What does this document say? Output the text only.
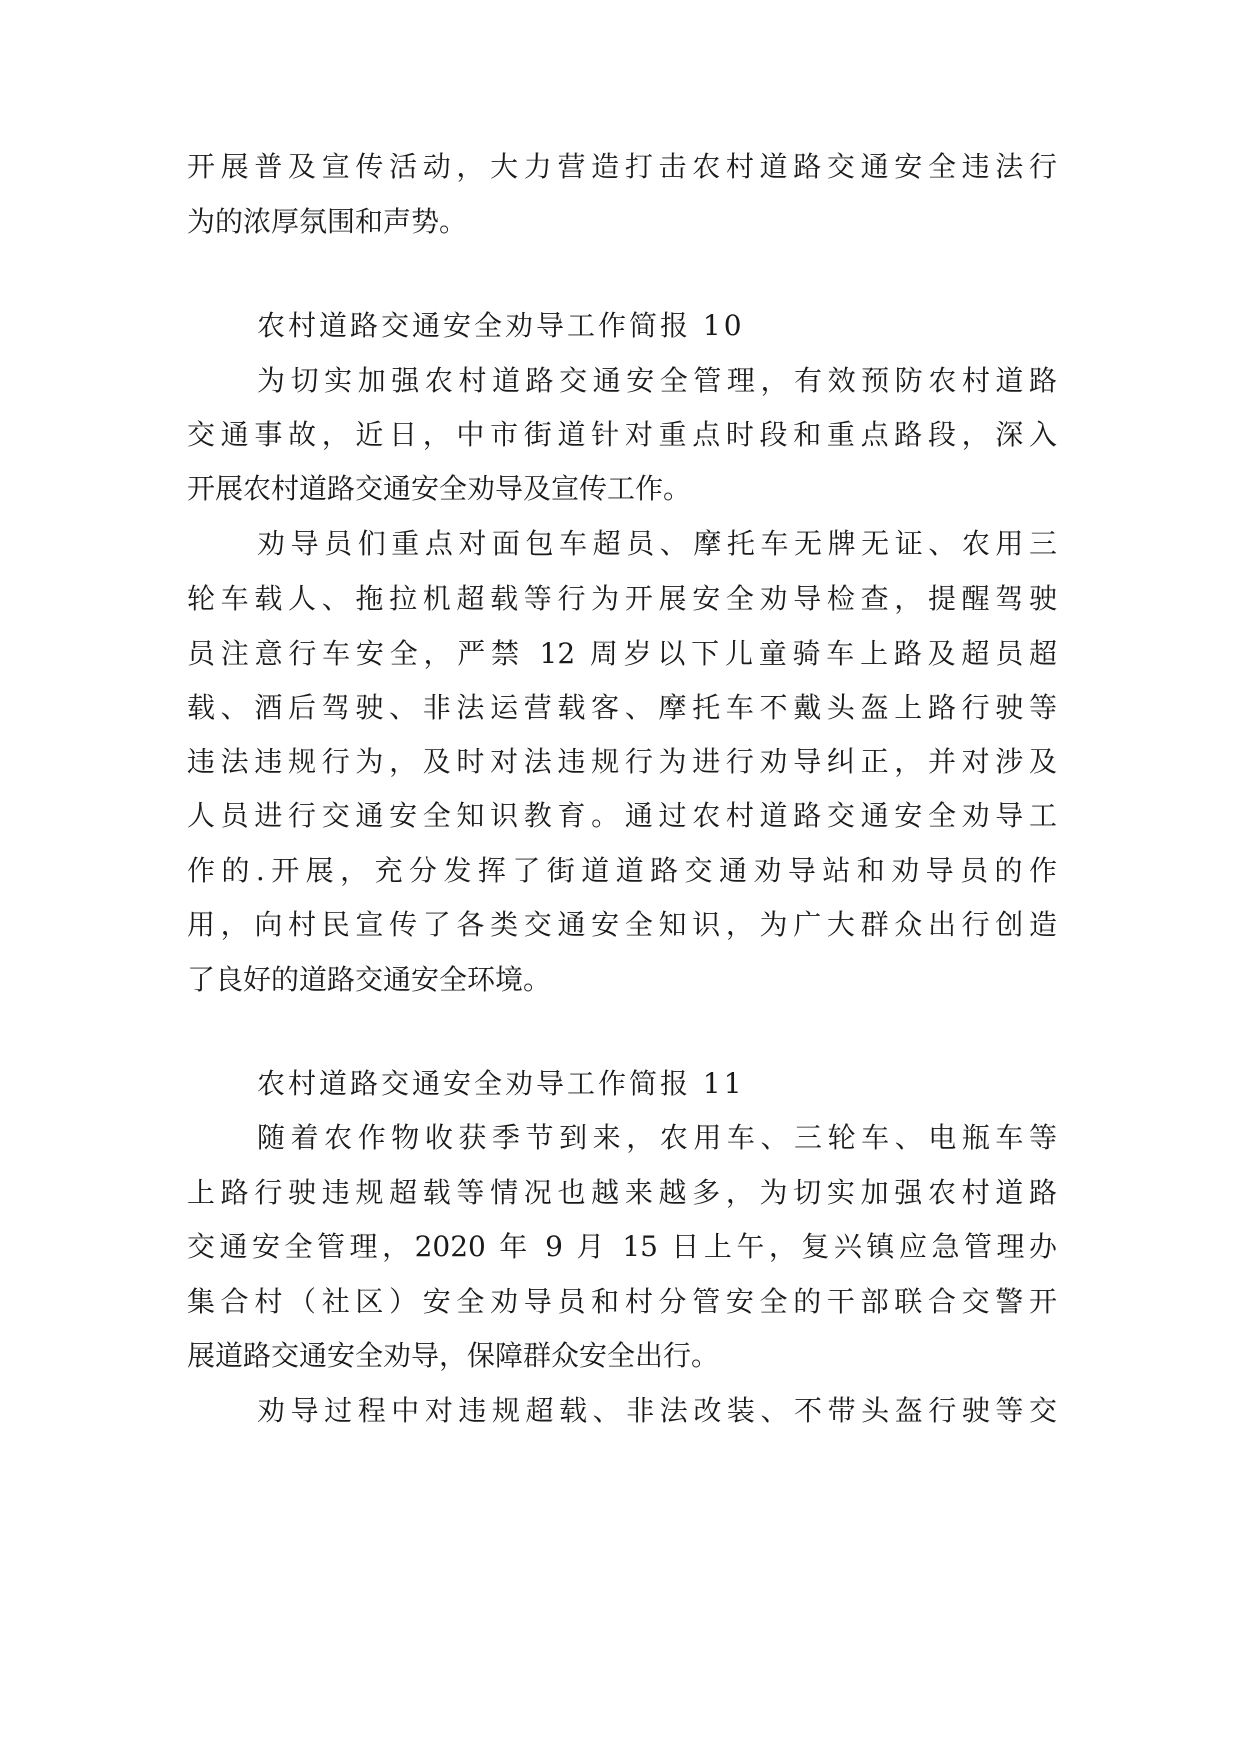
开展普及宣传活动，大力营造打击农村道路交通安全违法行
为的浓厚氛围和声势。
农村道路交通安全劝导工作简报 10
为切实加强农村道路交通安全管理，有效预防农村道路
交通事故，近日，中市街道针对重点时段和重点路段，深入
开展农村道路交通安全劝导及宣传工作。
劝导员们重点对面包车超员、摩托车无牌无证、农用三
轮车载人、拖拉机超载等行为开展安全劝导检查，提醒驾驶
员注意行车安全，严禁 12 周岁以下儿童骑车上路及超员超
载、酒后驾驶、非法运营载客、摩托车不戴头盔上路行驶等
违法违规行为，及时对法违规行为进行劝导纠正，并对涉及
人员进行交通安全知识教育。通过农村道路交通安全劝导工
作的.开展，充分发挥了街道道路交通劝导站和劝导员的作
用，向村民宣传了各类交通安全知识，为广大群众出行创造
了良好的道路交通安全环境。
农村道路交通安全劝导工作简报 11
随着农作物收获季节到来，农用车、三轮车、电瓶车等
上路行驶违规超载等情况也越来越多，为切实加强农村道路
交通安全管理，2020 年 9 月 15 日上午，复兴镇应急管理办
集合村（社区）安全劝导员和村分管安全的干部联合交警开
展道路交通安全劝导，保障群众安全出行。
劝导过程中对违规超载、非法改装、不带头盔行驶等交
